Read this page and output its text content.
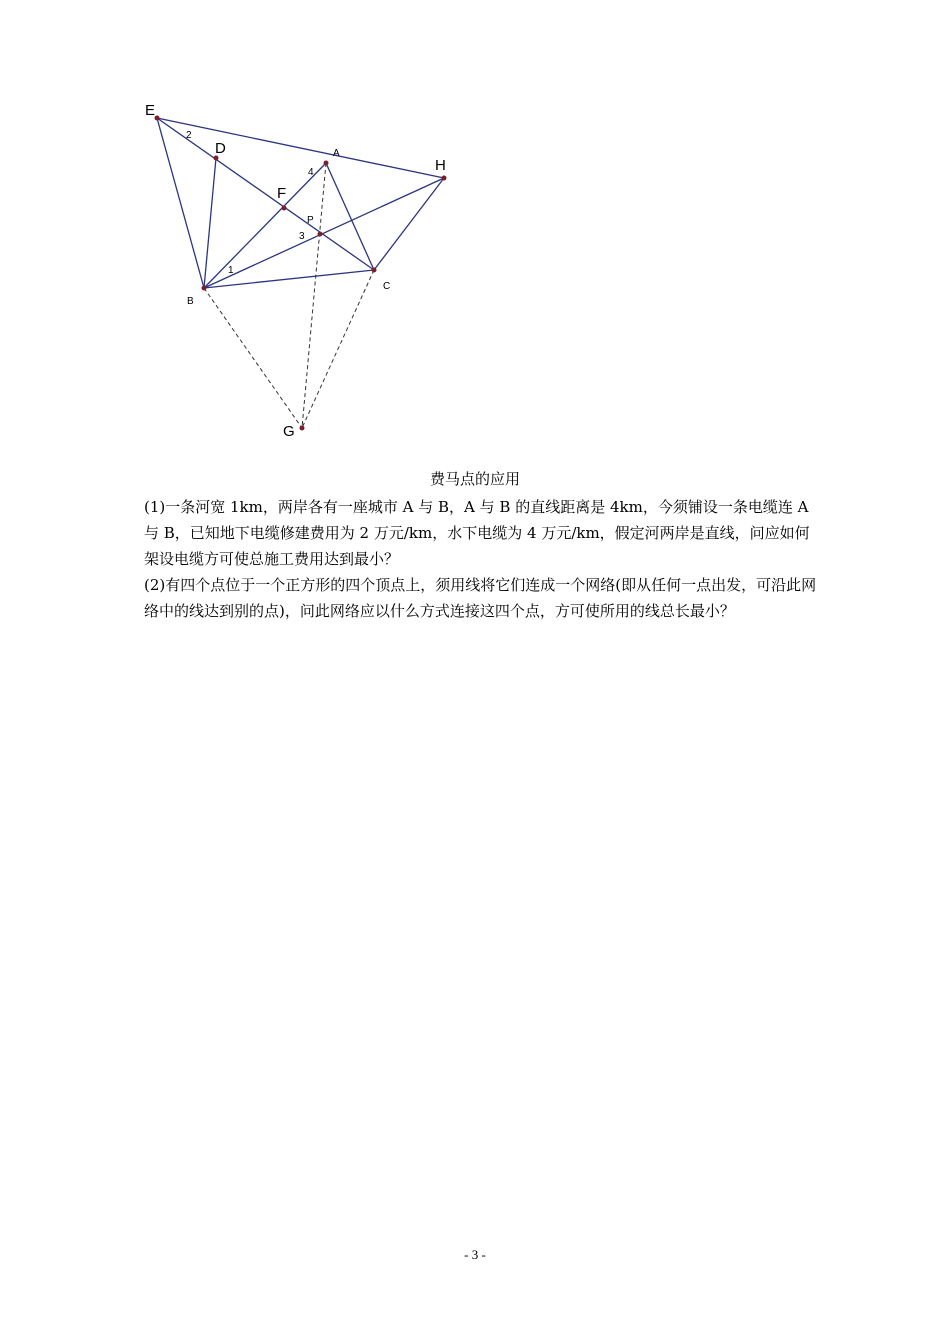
E
D	A
H
F
P
B
C
G
1
2
3
4
费马点的应用
(1)一条河宽 1km，两岸各有一座城市 A 与 B，A 与 B 的直线距离是 4km，今须铺设一条电缆连 A 与 B，已知地下电缆修建费用为 2 万元/km，水下电缆为 4 万元/km，假定河两岸是直线，问应如何架设电缆方可使总施工费用达到最小？
(2)有四个点位于一个正方形的四个顶点上，须用线将它们连成一个网络(即从任何一点出发，可沿此网络中的线达到别的点)，问此网络应以什么方式连接这四个点，方可使所用的线总长最小？
- 3 -
